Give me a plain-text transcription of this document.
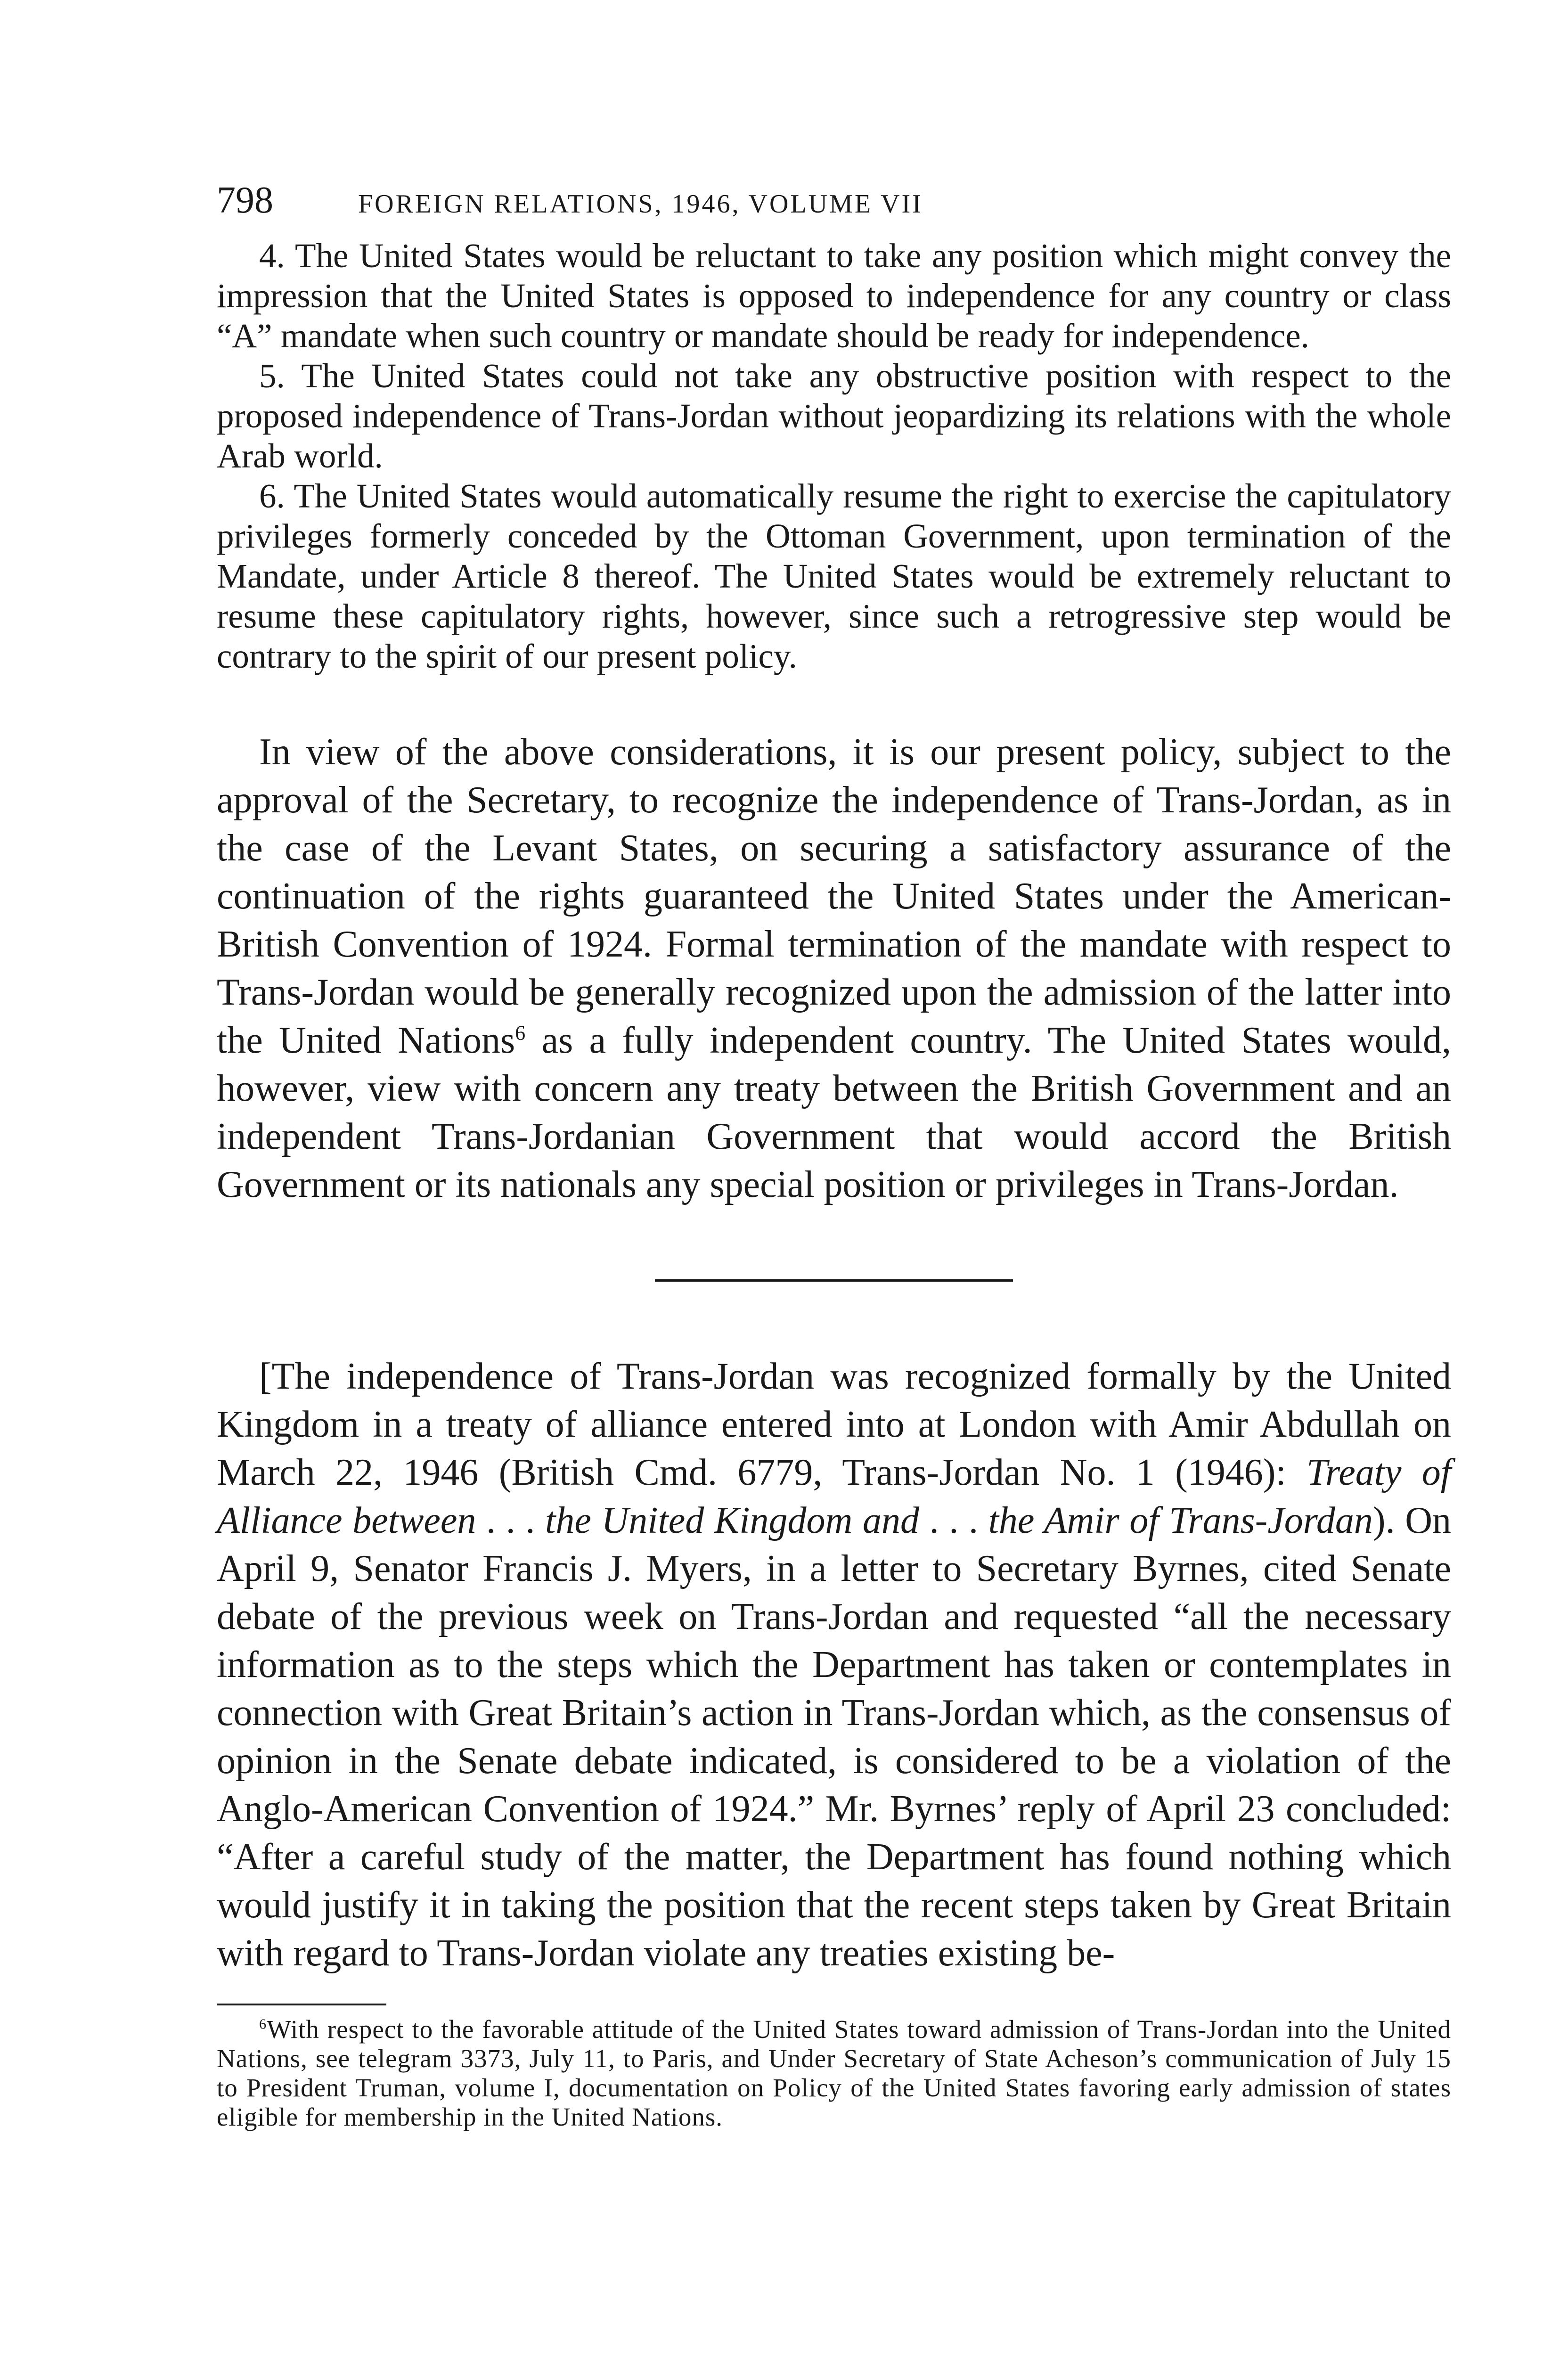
798	FOREIGN RELATIONS, 1946, VOLUME VII

4. The United States would be reluctant to take any position which might convey the impression that the United States is opposed to independence for any country or class “A” mandate when such country or mandate should be ready for independence.

5. The United States could not take any obstructive position with respect to the proposed independence of Trans-Jordan without jeopardizing its relations with the whole Arab world.

6. The United States would automatically resume the right to exercise the capitulatory privileges formerly conceded by the Ottoman Government, upon termination of the Mandate, under Article 8 thereof. The United States would be extremely reluctant to resume these capitulatory rights, however, since such a retrogressive step would be contrary to the spirit of our present policy.

In view of the above considerations, it is our present policy, subject to the approval of the Secretary, to recognize the independence of Trans-Jordan, as in the case of the Levant States, on securing a satisfactory assurance of the continuation of the rights guaranteed the United States under the American-British Convention of 1924. Formal termination of the mandate with respect to Trans-Jordan would be generally recognized upon the admission of the latter into the United Nations$^6$ as a fully independent country. The United States would, however, view with concern any treaty between the British Government and an independent Trans-Jordanian Government that would accord the British Government or its nationals any special position or privileges in Trans-Jordan.

[The independence of Trans-Jordan was recognized formally by the United Kingdom in a treaty of alliance entered into at London with Amir Abdullah on March 22, 1946 (British Cmd. 6779, Trans-Jordan No. 1 (1946): Treaty of Alliance between . . . the United Kingdom and . . . the Amir of Trans-Jordan). On April 9, Senator Francis J. Myers, in a letter to Secretary Byrnes, cited Senate debate of the previous week on Trans-Jordan and requested “all the necessary information as to the steps which the Department has taken or contemplates in connection with Great Britain’s action in Trans-Jordan which, as the consensus of opinion in the Senate debate indicated, is considered to be a violation of the Anglo-American Convention of 1924.” Mr. Byrnes’ reply of April 23 concluded: “After a careful study of the matter, the Department has found nothing which would justify it in taking the position that the recent steps taken by Great Britain with regard to Trans-Jordan violate any treaties existing be-

$^6$With respect to the favorable attitude of the United States toward admission of Trans-Jordan into the United Nations, see telegram 3373, July 11, to Paris, and Under Secretary of State Acheson’s communication of July 15 to President Truman, volume I, documentation on Policy of the United States favoring early admission of states eligible for membership in the United Nations.
